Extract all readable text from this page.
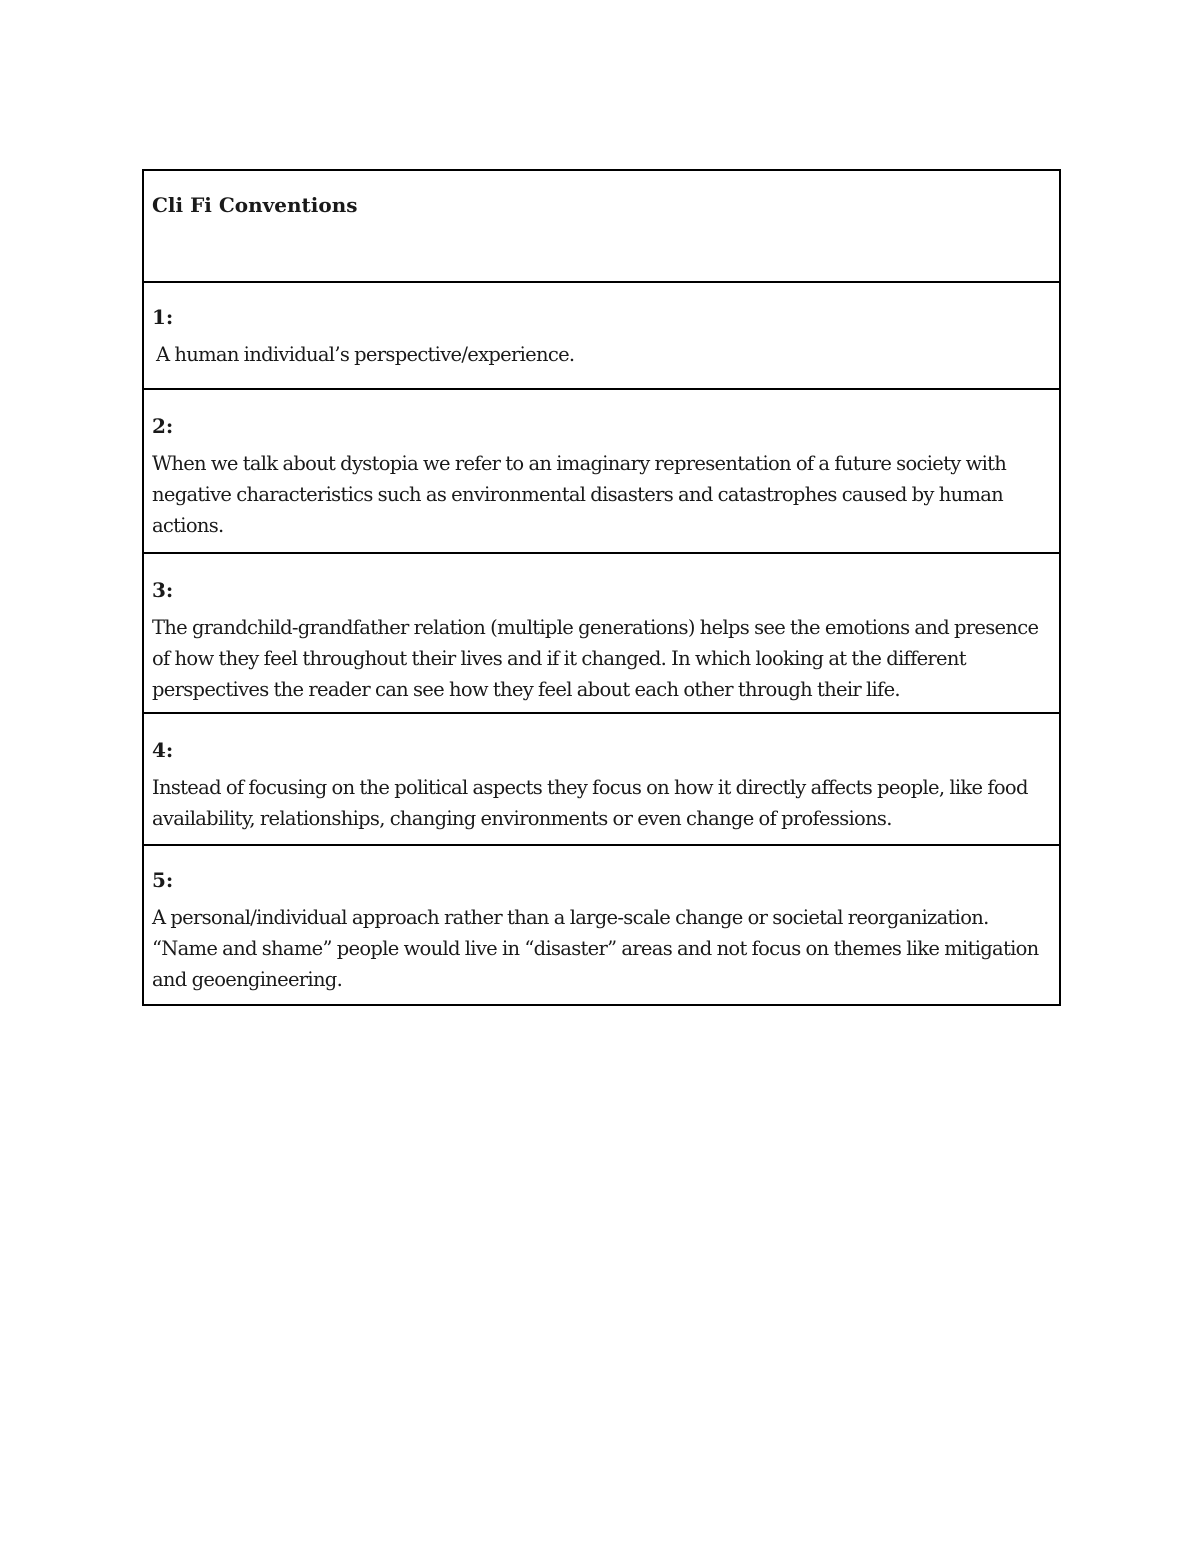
Cli Fi Conventions
1:
A human individual’s perspective/experience.
2:
When we talk about dystopia we refer to an imaginary representation of a future society with negative characteristics such as environmental disasters and catastrophes caused by human actions.
3:
The grandchild-grandfather relation (multiple generations) helps see the emotions and presence of how they feel throughout their lives and if it changed. In which looking at the different perspectives the reader can see how they feel about each other through their life.
4:
Instead of focusing on the political aspects they focus on how it directly affects people, like food availability, relationships, changing environments or even change of professions.
5:
A personal/individual approach rather than a large-scale change or societal reorganization. “Name and shame” people would live in “disaster” areas and not focus on themes like mitigation and geoengineering.
